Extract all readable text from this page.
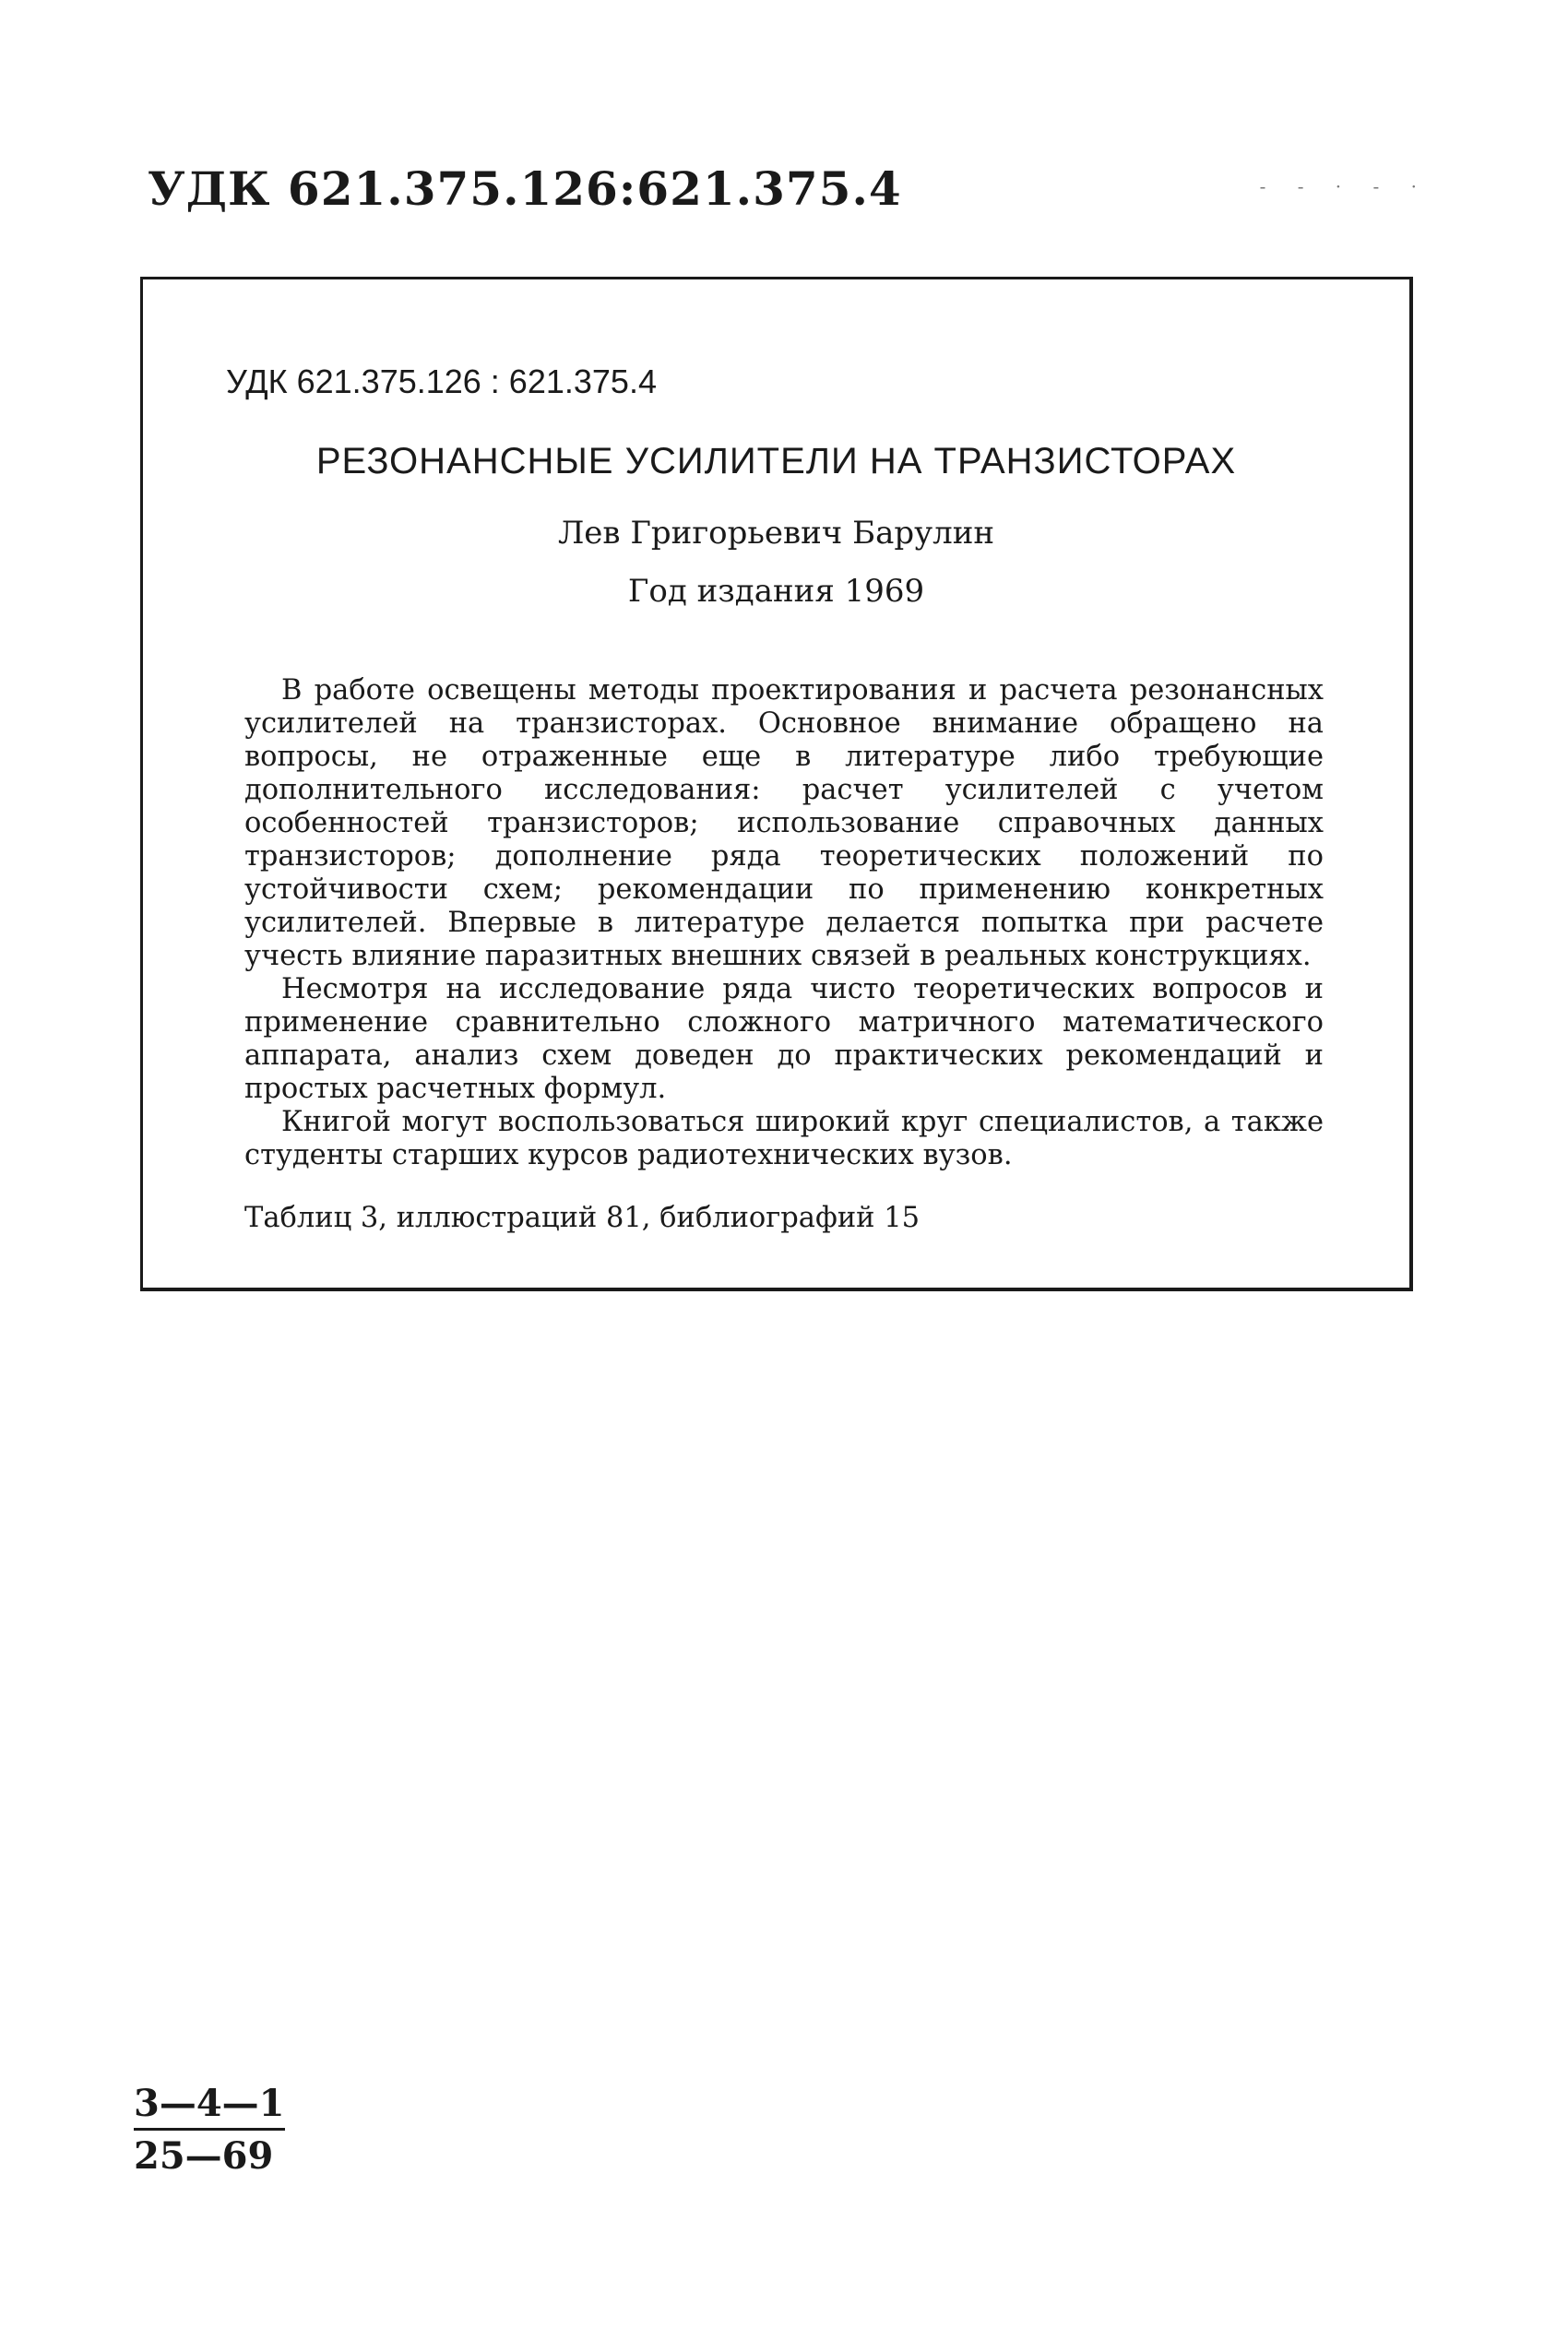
УДК 621.375.126:621.375.4	- - · - ·
УДК 621.375.126 : 621.375.4
РЕЗОНАНСНЫЕ УСИЛИТЕЛИ НА ТРАНЗИСТОРАХ
Лев Григорьевич Барулин
Год издания 1969

В работе освещены методы проектирования и расчета резонансных усилителей на транзисторах. Основное внимание обращено на вопросы, не отраженные еще в литературе либо требующие дополнительного исследования: расчет усилителей с учетом особенностей транзисторов; использование справочных данных транзисторов; дополнение ряда теоретических положений по устойчивости схем; рекомендации по применению конкретных усилителей. Впервые в литературе делается попытка при расчете учесть влияние паразитных внешних связей в реальных конструкциях.

Несмотря на исследование ряда чисто теоретических вопросов и применение сравнительно сложного матричного математического аппарата, анализ схем доведен до практических рекомендаций и простых расчетных формул.

Книгой могут воспользоваться широкий круг специалистов, а также студенты старших курсов радиотехнических вузов.

Таблиц 3, иллюстраций 81, библиографий 15
$\frac{3—4—1}{25—69}$
